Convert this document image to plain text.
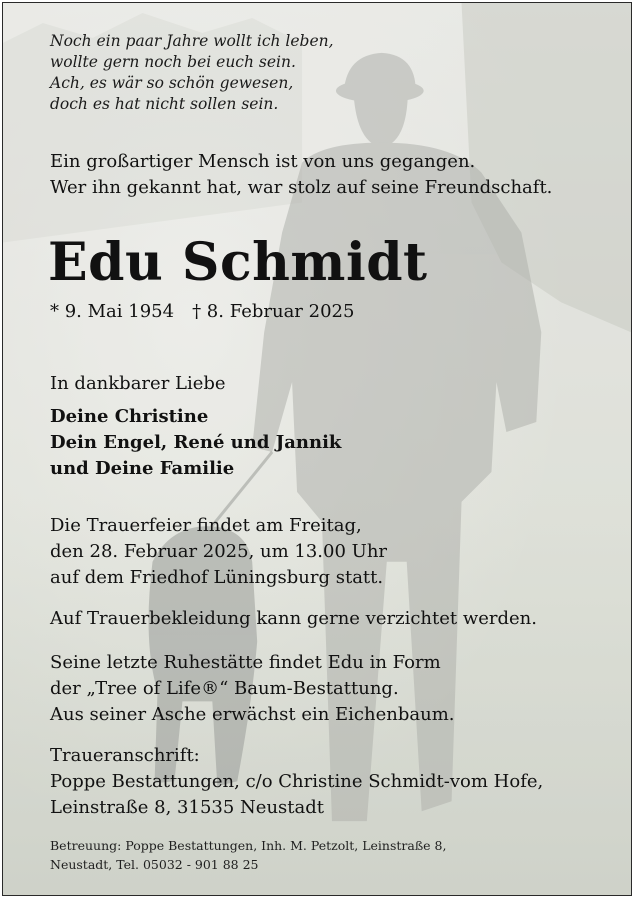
Noch ein paar Jahre wollt ich leben,
wollte gern noch bei euch sein.
Ach, es wär so schön gewesen,
doch es hat nicht sollen sein.
Ein großartiger Mensch ist von uns gegangen.
Wer ihn gekannt hat, war stolz auf seine Freundschaft.
Edu Schmidt
* 9. Mai 1954 † 8. Februar 2025
In dankbarer Liebe
Deine Christine
Dein Engel, René und Jannik
und Deine Familie
Die Trauerfeier findet am Freitag,
den 28. Februar 2025, um 13.00 Uhr
auf dem Friedhof Lüningsburg statt.
Auf Trauerbekleidung kann gerne verzichtet werden.
Seine letzte Ruhestätte findet Edu in Form
der „Tree of Life®“ Baum-Bestattung.
Aus seiner Asche erwächst ein Eichenbaum.
Traueranschrift:
Poppe Bestattungen, c/o Christine Schmidt-vom Hofe,
Leinstraße 8, 31535 Neustadt
Betreuung: Poppe Bestattungen, Inh. M. Petzolt, Leinstraße 8,
Neustadt, Tel. 05032 - 901 88 25
